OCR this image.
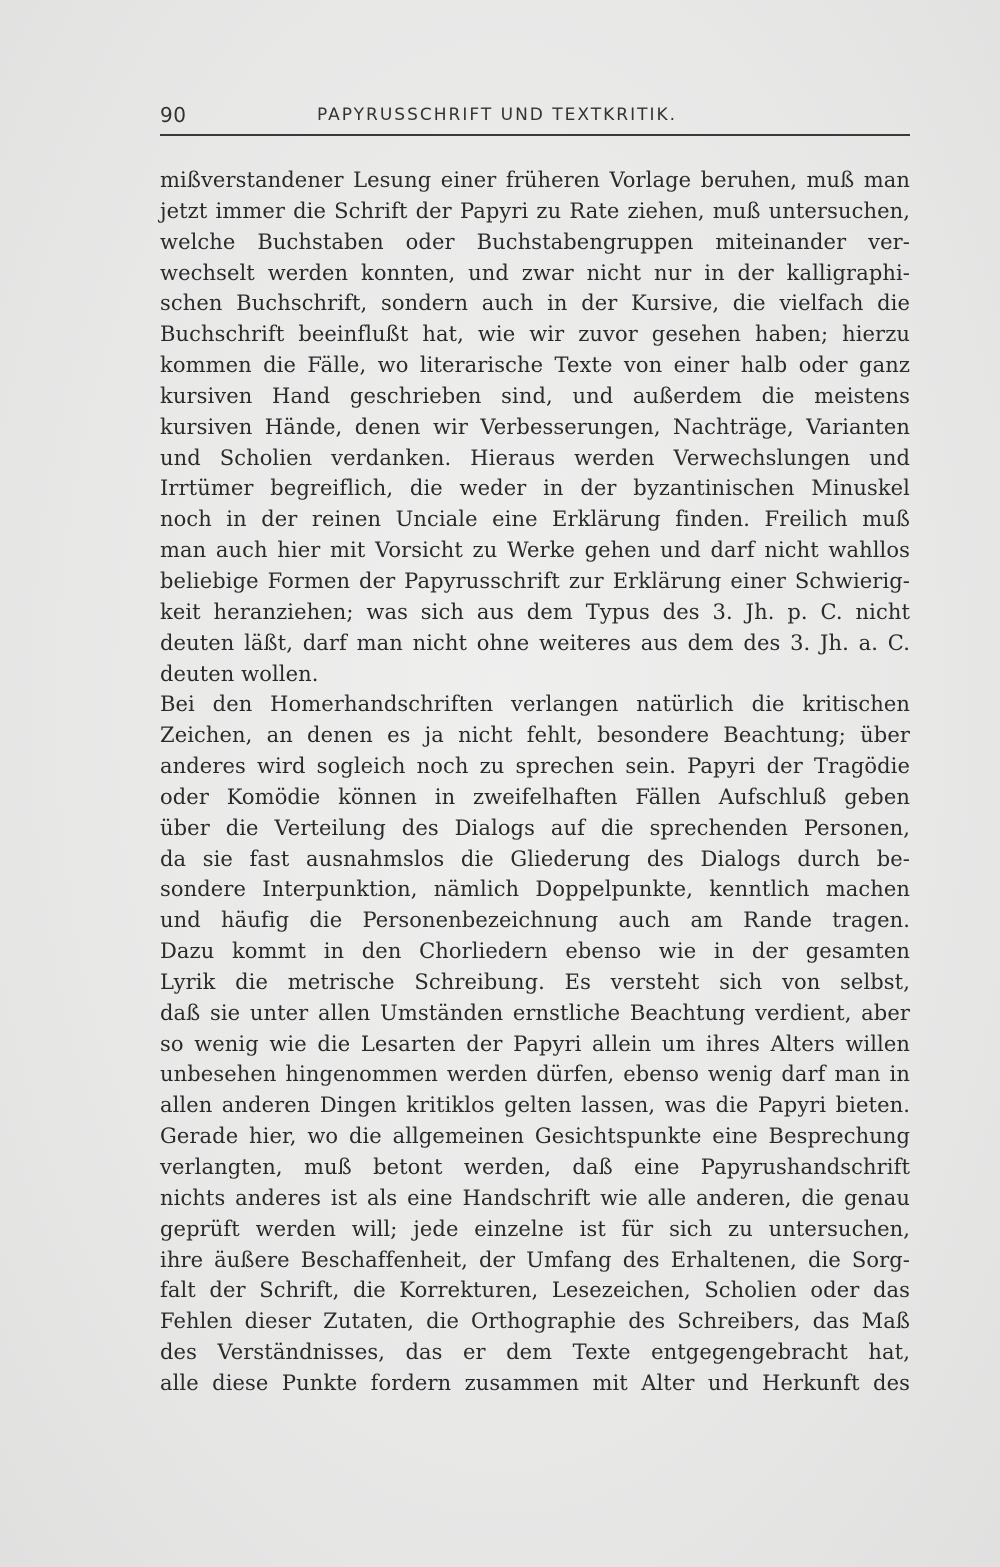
90	PAPYRUSSCHRIFT UND TEXTKRITIK.
mißverstandener Lesung einer früheren Vorlage beruhen, muß man
jetzt immer die Schrift der Papyri zu Rate ziehen, muß untersuchen,
welche Buchstaben oder Buchstabengruppen miteinander ver-
wechselt werden konnten, und zwar nicht nur in der kalligraphi-
schen Buchschrift, sondern auch in der Kursive, die vielfach die
Buchschrift beeinflußt hat, wie wir zuvor gesehen haben; hierzu
kommen die Fälle, wo literarische Texte von einer halb oder ganz
kursiven Hand geschrieben sind, und außerdem die meistens
kursiven Hände, denen wir Verbesserungen, Nachträge, Varianten
und Scholien verdanken. Hieraus werden Verwechslungen und
Irrtümer begreiflich, die weder in der byzantinischen Minuskel
noch in der reinen Unciale eine Erklärung finden. Freilich muß
man auch hier mit Vorsicht zu Werke gehen und darf nicht wahllos
beliebige Formen der Papyrusschrift zur Erklärung einer Schwierig-
keit heranziehen; was sich aus dem Typus des 3. Jh. p. C. nicht
deuten läßt, darf man nicht ohne weiteres aus dem des 3. Jh. a. C.
deuten wollen.
Bei den Homerhandschriften verlangen natürlich die kritischen
Zeichen, an denen es ja nicht fehlt, besondere Beachtung; über
anderes wird sogleich noch zu sprechen sein. Papyri der Tragödie
oder Komödie können in zweifelhaften Fällen Aufschluß geben
über die Verteilung des Dialogs auf die sprechenden Personen,
da sie fast ausnahmslos die Gliederung des Dialogs durch be-
sondere Interpunktion, nämlich Doppelpunkte, kenntlich machen
und häufig die Personenbezeichnung auch am Rande tragen.
Dazu kommt in den Chorliedern ebenso wie in der gesamten
Lyrik die metrische Schreibung. Es versteht sich von selbst,
daß sie unter allen Umständen ernstliche Beachtung verdient, aber
so wenig wie die Lesarten der Papyri allein um ihres Alters willen
unbesehen hingenommen werden dürfen, ebenso wenig darf man in
allen anderen Dingen kritiklos gelten lassen, was die Papyri bieten.
Gerade hier, wo die allgemeinen Gesichtspunkte eine Besprechung
verlangten, muß betont werden, daß eine Papyrushandschrift
nichts anderes ist als eine Handschrift wie alle anderen, die genau
geprüft werden will; jede einzelne ist für sich zu untersuchen,
ihre äußere Beschaffenheit, der Umfang des Erhaltenen, die Sorg-
falt der Schrift, die Korrekturen, Lesezeichen, Scholien oder das
Fehlen dieser Zutaten, die Orthographie des Schreibers, das Maß
des Verständnisses, das er dem Texte entgegengebracht hat,
alle diese Punkte fordern zusammen mit Alter und Herkunft des
